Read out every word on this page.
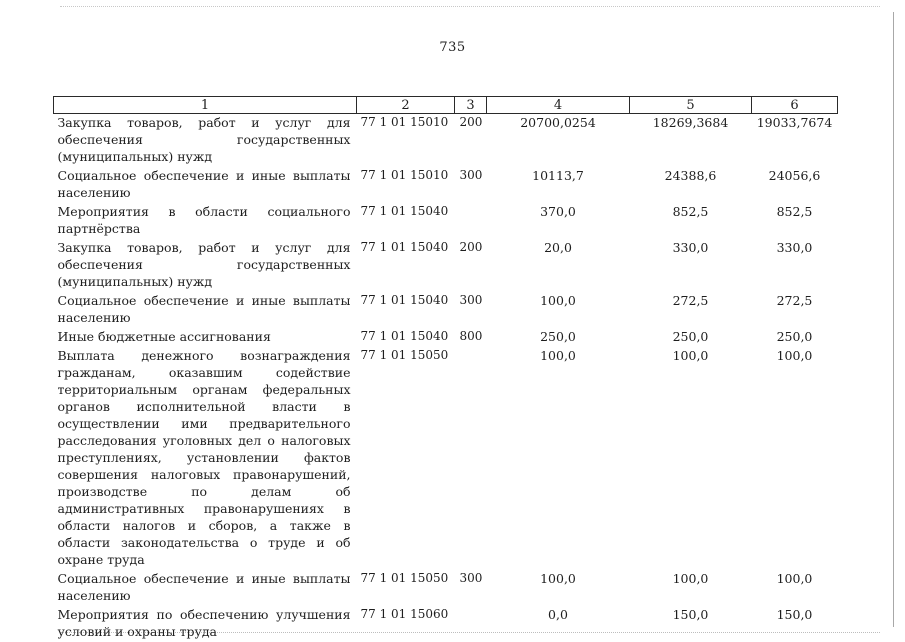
735
1	2	3	4	5	6
Закупка товаров, работ и услуг для обеспечения государственных (муниципальных) нужд	77 1 01 15010	200	20700,0254	18269,3684	19033,7674
Социальное обеспечение и иные выплаты населению	77 1 01 15010	300	10113,7	24388,6	24056,6
Мероприятия в области социального партнёрства	77 1 01 15040		370,0	852,5	852,5
Закупка товаров, работ и услуг для обеспечения государственных (муниципальных) нужд	77 1 01 15040	200	20,0	330,0	330,0
Социальное обеспечение и иные выплаты населению	77 1 01 15040	300	100,0	272,5	272,5
Иные бюджетные ассигнования	77 1 01 15040	800	250,0	250,0	250,0
Выплата денежного вознаграждения гражданам, оказавшим содействие территориальным органам федеральных органов исполнительной власти в осуществлении ими предварительного расследования уголовных дел о налоговых преступлениях, установлении фактов совершения налоговых правонарушений, производстве по делам об административных правонарушениях в области налогов и сборов, а также в области законодательства о труде и об охране труда	77 1 01 15050		100,0	100,0	100,0
Социальное обеспечение и иные выплаты населению	77 1 01 15050	300	100,0	100,0	100,0
Мероприятия по обеспечению улучшения условий и охраны труда	77 1 01 15060		0,0	150,0	150,0
